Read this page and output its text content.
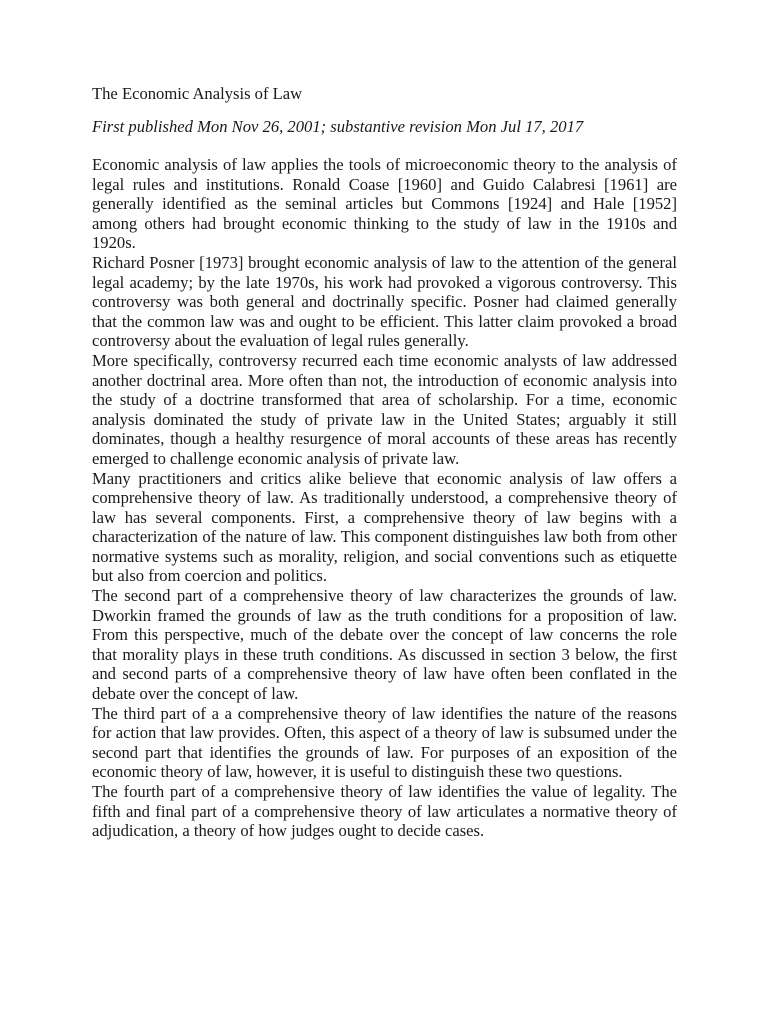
The Economic Analysis of Law
First published Mon Nov 26, 2001; substantive revision Mon Jul 17, 2017

Economic analysis of law applies the tools of microeconomic theory to the analysis of legal rules and institutions. Ronald Coase [1960] and Guido Calabresi [1961] are generally identified as the seminal articles but Commons [1924] and Hale [1952] among others had brought economic thinking to the study of law in the 1910s and 1920s.

Richard Posner [1973] brought economic analysis of law to the attention of the general legal academy; by the late 1970s, his work had provoked a vigorous controversy. This controversy was both general and doctrinally specific. Posner had claimed generally that the common law was and ought to be efficient. This latter claim provoked a broad controversy about the evaluation of legal rules generally.

More specifically, controversy recurred each time economic analysts of law addressed another doctrinal area. More often than not, the introduction of economic analysis into the study of a doctrine transformed that area of scholarship. For a time, economic analysis dominated the study of private law in the United States; arguably it still dominates, though a healthy resurgence of moral accounts of these areas has recently emerged to challenge economic analysis of private law.

Many practitioners and critics alike believe that economic analysis of law offers a comprehensive theory of law. As traditionally understood, a comprehensive theory of law has several components. First, a comprehensive theory of law begins with a characterization of the nature of law. This component distinguishes law both from other normative systems such as morality, religion, and social conventions such as etiquette but also from coercion and politics.

The second part of a comprehensive theory of law characterizes the grounds of law. Dworkin framed the grounds of law as the truth conditions for a proposition of law. From this perspective, much of the debate over the concept of law concerns the role that morality plays in these truth conditions. As discussed in section 3 below, the first and second parts of a comprehensive theory of law have often been conflated in the debate over the concept of law.

The third part of a a comprehensive theory of law identifies the nature of the reasons for action that law provides. Often, this aspect of a theory of law is subsumed under the second part that identifies the grounds of law. For purposes of an exposition of the economic theory of law, however, it is useful to distinguish these two questions.

The fourth part of a comprehensive theory of law identifies the value of legality. The fifth and final part of a comprehensive theory of law articulates a normative theory of adjudication, a theory of how judges ought to decide cases.
